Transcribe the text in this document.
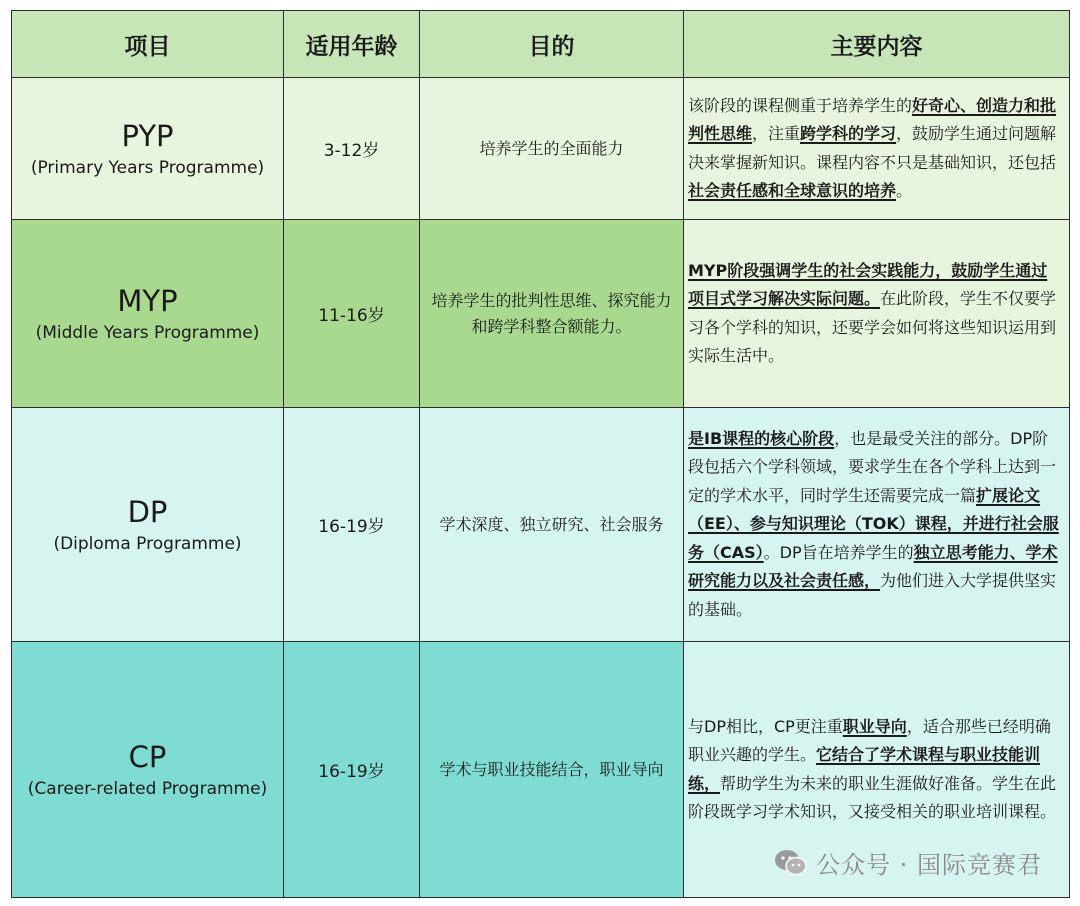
项目	适用年龄	目的	主要内容

PYP
(Primary Years Programme)	3-12岁	培养学生的全面能力	该阶段的课程侧重于培养学生的好奇心、创造力和批判性思维，注重跨学科的学习，鼓励学生通过问题解决来掌握新知识。课程内容不只是基础知识，还包括社会责任感和全球意识的培养。

MYP
(Middle Years Programme)	11-16岁	培养学生的批判性思维、探究能力和跨学科整合额能力。	MYP阶段强调学生的社会实践能力，鼓励学生通过项目式学习解决实际问题。在此阶段，学生不仅要学习各个学科的知识，还要学会如何将这些知识运用到实际生活中。

DP
(Diploma Programme)	16-19岁	学术深度、独立研究、社会服务	是IB课程的核心阶段，也是最受关注的部分。DP阶段包括六个学科领域，要求学生在各个学科上达到一定的学术水平，同时学生还需要完成一篇扩展论文（EE）、参与知识理论（TOK）课程，并进行社会服务（CAS）。DP旨在培养学生的独立思考能力、学术研究能力以及社会责任感，为他们进入大学提供坚实的基础。

CP
(Career-related Programme)	16-19岁	学术与职业技能结合，职业导向	与DP相比，CP更注重职业导向，适合那些已经明确职业兴趣的学生。它结合了学术课程与职业技能训练，帮助学生为未来的职业生涯做好准备。学生在此阶段既学习学术知识，又接受相关的职业培训课程。
公众号 · 国际竞赛君
